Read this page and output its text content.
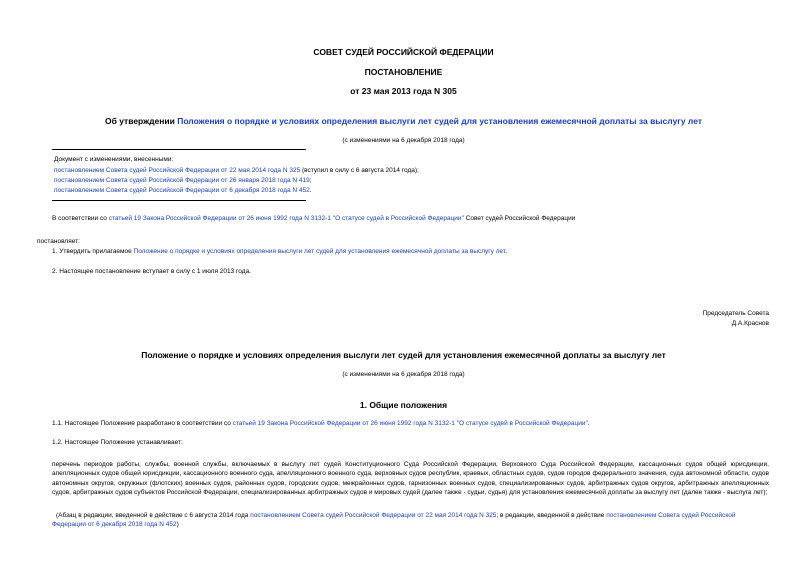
СОВЕТ СУДЕЙ РОССИЙСКОЙ ФЕДЕРАЦИИ
ПОСТАНОВЛЕНИЕ
от 23 мая 2013 года N 305
Об утверждении Положения о порядке и условиях определения выслуги лет судей для установления ежемесячной доплаты за выслугу лет
(с изменениями на 6 декабря 2018 года)
Документ с изменениями, внесенными:
постановлением Совета судей Российской Федерации от 22 мая 2014 года N 325 (вступил в силу с 6 августа 2014 года);
постановлением Совета судей Российской Федерации от 26 января 2018 года N 419;
постановлением Совета судей Российской Федерации от 6 декабря 2018 года N 452.
В соответствии со статьей 19 Закона Российской Федерации от 26 июня 1992 года N 3132-1 "О статусе судей в Российской Федерации" Совет судей Российской Федерации
постановляет:
1. Утвердить прилагаемое Положение о порядке и условиях определения выслуги лет судей для установления ежемесячной доплаты за выслугу лет.
2. Настоящее постановление вступает в силу с 1 июля 2013 года.
Председатель Совета
Д.А.Краснов
Положение о порядке и условиях определения выслуги лет судей для установления ежемесячной доплаты за выслугу лет
(с изменениями на 6 декабря 2018 года)
1. Общие положения
1.1. Настоящее Положение разработано в соответствии со статьей 19 Закона Российской Федерации от 26 июня 1992 года N 3132-1 "О статусе судей в Российской Федерации".
1.2. Настоящее Положение устанавливает:
перечень периодов работы, службы, военной службы, включаемых в выслугу лет судей Конституционного Суда Российской Федерации, Верховного Суда Российской Федерации, кассационных судов общей юрисдикции, апелляционных судов общей юрисдикции, кассационного военного суда, апелляционного военного суда, верховных судов республик, краевых, областных судов, судов городов федерального значения, суда автономной области, судов автономных округов, окружных (флотских) военных судов, районных судов, городских судов, межрайонных судов, гарнизонных военных судов, специализированных судов, арбитражных судов округов, арбитражных апелляционных судов, арбитражных судов субъектов Российской Федерации, специализированных арбитражных судов и мировых судей (далее также - судьи, судья) для установления ежемесячной доплаты за выслугу лет (далее также - выслуга лет);
(Абзац в редакции, введенной в действие с 6 августа 2014 года постановлением Совета судей Российской Федерации от 22 мая 2014 года N 325; в редакции, введенной в действие постановлением Совета судей Российской Федерации от 6 декабря 2018 года N 452)
